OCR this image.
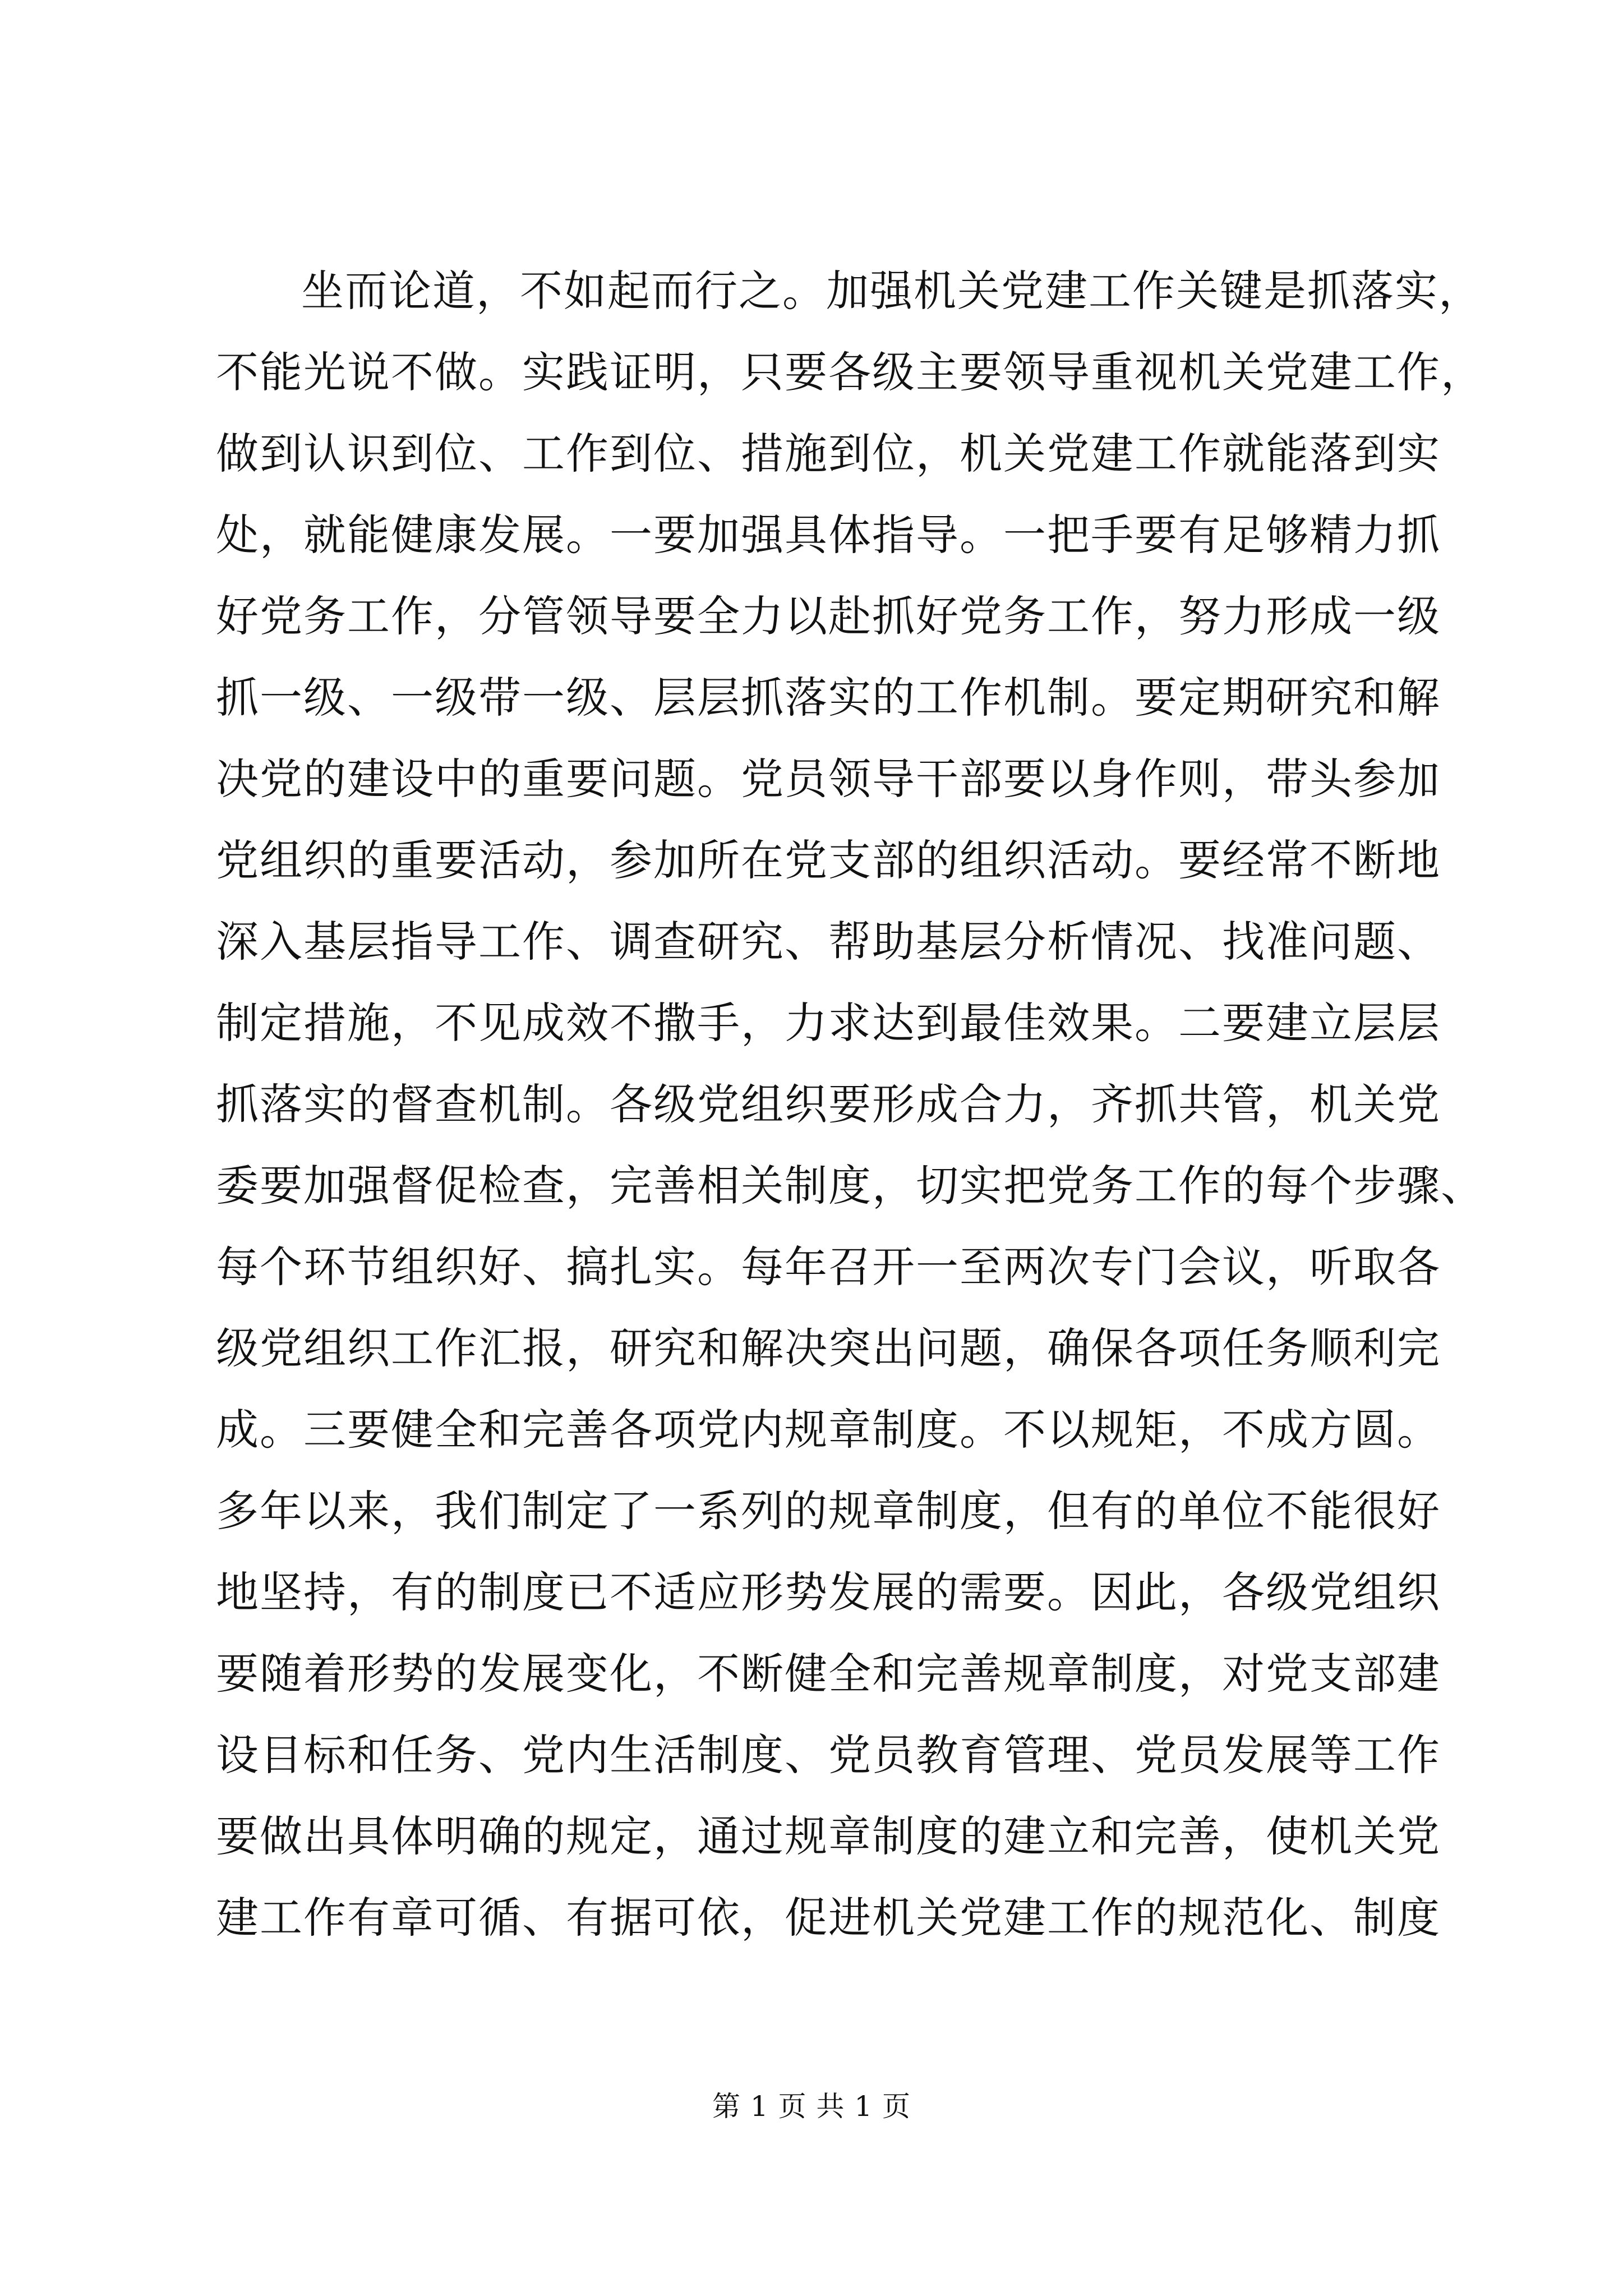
坐而论道，不如起而行之。加强机关党建工作关键是抓落实，
不能光说不做。实践证明，只要各级主要领导重视机关党建工作，
做到认识到位、工作到位、措施到位，机关党建工作就能落到实
处，就能健康发展。一要加强具体指导。一把手要有足够精力抓
好党务工作，分管领导要全力以赴抓好党务工作，努力形成一级
抓一级、一级带一级、层层抓落实的工作机制。要定期研究和解
决党的建设中的重要问题。党员领导干部要以身作则，带头参加
党组织的重要活动，参加所在党支部的组织活动。要经常不断地
深入基层指导工作、调查研究、帮助基层分析情况、找准问题、
制定措施，不见成效不撒手，力求达到最佳效果。二要建立层层
抓落实的督查机制。各级党组织要形成合力，齐抓共管，机关党
委要加强督促检查，完善相关制度，切实把党务工作的每个步骤、
每个环节组织好、搞扎实。每年召开一至两次专门会议，听取各
级党组织工作汇报，研究和解决突出问题，确保各项任务顺利完
成。三要健全和完善各项党内规章制度。不以规矩，不成方圆。
多年以来，我们制定了一系列的规章制度，但有的单位不能很好
地坚持，有的制度已不适应形势发展的需要。因此，各级党组织
要随着形势的发展变化，不断健全和完善规章制度，对党支部建
设目标和任务、党内生活制度、党员教育管理、党员发展等工作
要做出具体明确的规定，通过规章制度的建立和完善，使机关党
建工作有章可循、有据可依，促进机关党建工作的规范化、制度
第 1 页 共 1 页
